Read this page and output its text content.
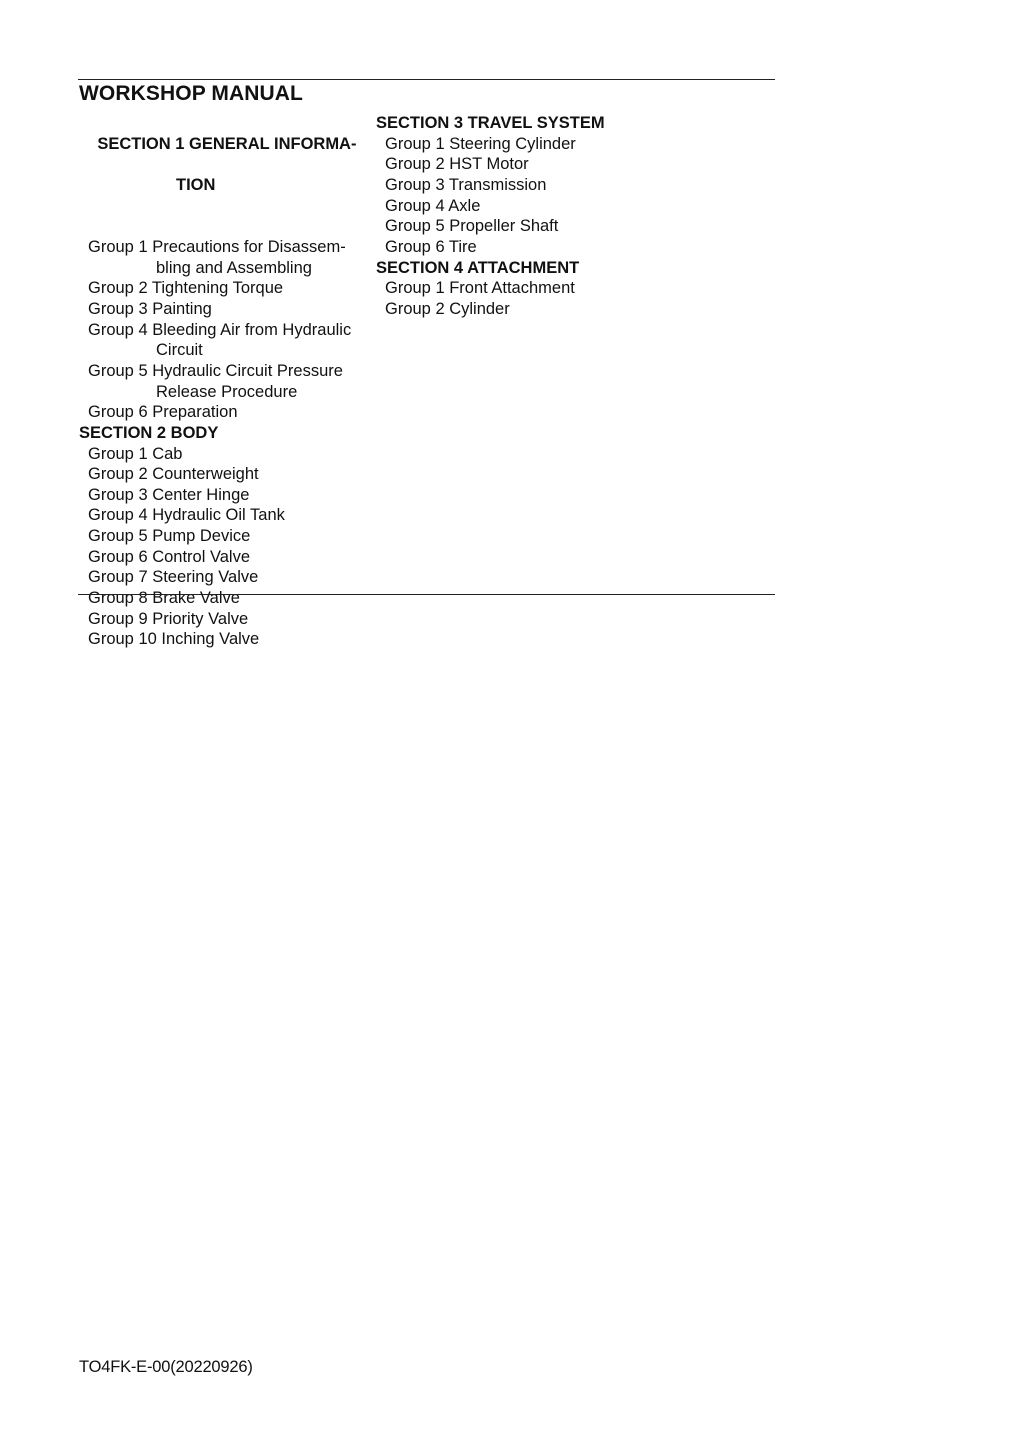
WORKSHOP MANUAL

SECTION 1 GENERAL INFORMA-

TION

Group 1 Precautions for Disassem-
bling and Assembling
Group 2 Tightening Torque
Group 3 Painting
Group 4 Bleeding Air from Hydraulic
Circuit
Group 5 Hydraulic Circuit Pressure
Release Procedure
Group 6 Preparation
SECTION 2 BODY
Group 1 Cab
Group 2 Counterweight
Group 3 Center Hinge
Group 4 Hydraulic Oil Tank
Group 5 Pump Device
Group 6 Control Valve
Group 7 Steering Valve
Group 8 Brake Valve
Group 9 Priority Valve
Group 10 Inching Valve
SECTION 3 TRAVEL SYSTEM
Group 1 Steering Cylinder
Group 2 HST Motor
Group 3 Transmission
Group 4 Axle
Group 5 Propeller Shaft
Group 6 Tire
SECTION 4 ATTACHMENT
Group 1 Front Attachment
Group 2 Cylinder
TO4FK-E-00(20220926)
